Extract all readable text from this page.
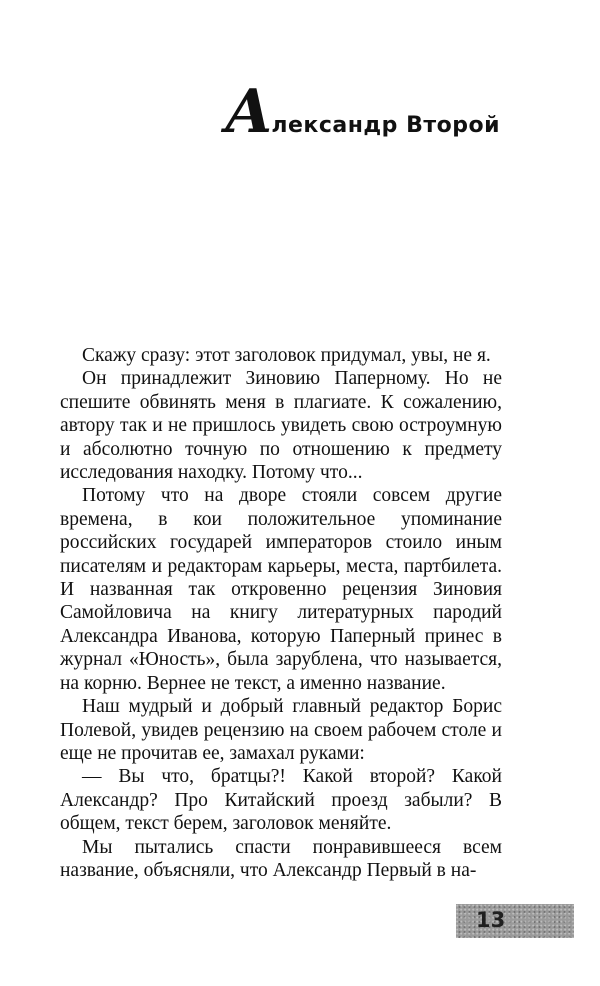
Александр Второй

Скажу сразу: этот заголовок придумал, увы, не я.

Он принадлежит Зиновию Паперному. Но не спешите обвинять меня в плагиате. К сожалению, автору так и не пришлось увидеть свою остроумную и абсолютно точную по отношению к предмету исследования находку. Потому что...

Потому что на дворе стояли совсем другие времена, в кои положительное упоминание российских государей императоров стоило иным писателям и редакторам карьеры, места, партбилета. И названная так откровенно рецензия Зиновия Самойловича на книгу литературных пародий Александра Иванова, которую Паперный принес в журнал «Юность», была зарублена, что называется, на корню. Вернее не текст, а именно название.

Наш мудрый и добрый главный редактор Борис Полевой, увидев рецензию на своем рабочем столе и еще не прочитав ее, замахал руками:

— Вы что, братцы?! Какой второй? Какой Александр? Про Китайский проезд забыли? В общем, текст берем, заголовок меняйте.

Мы пытались спасти понравившееся всем название, объясняли, что Александр Первый в на-

13
